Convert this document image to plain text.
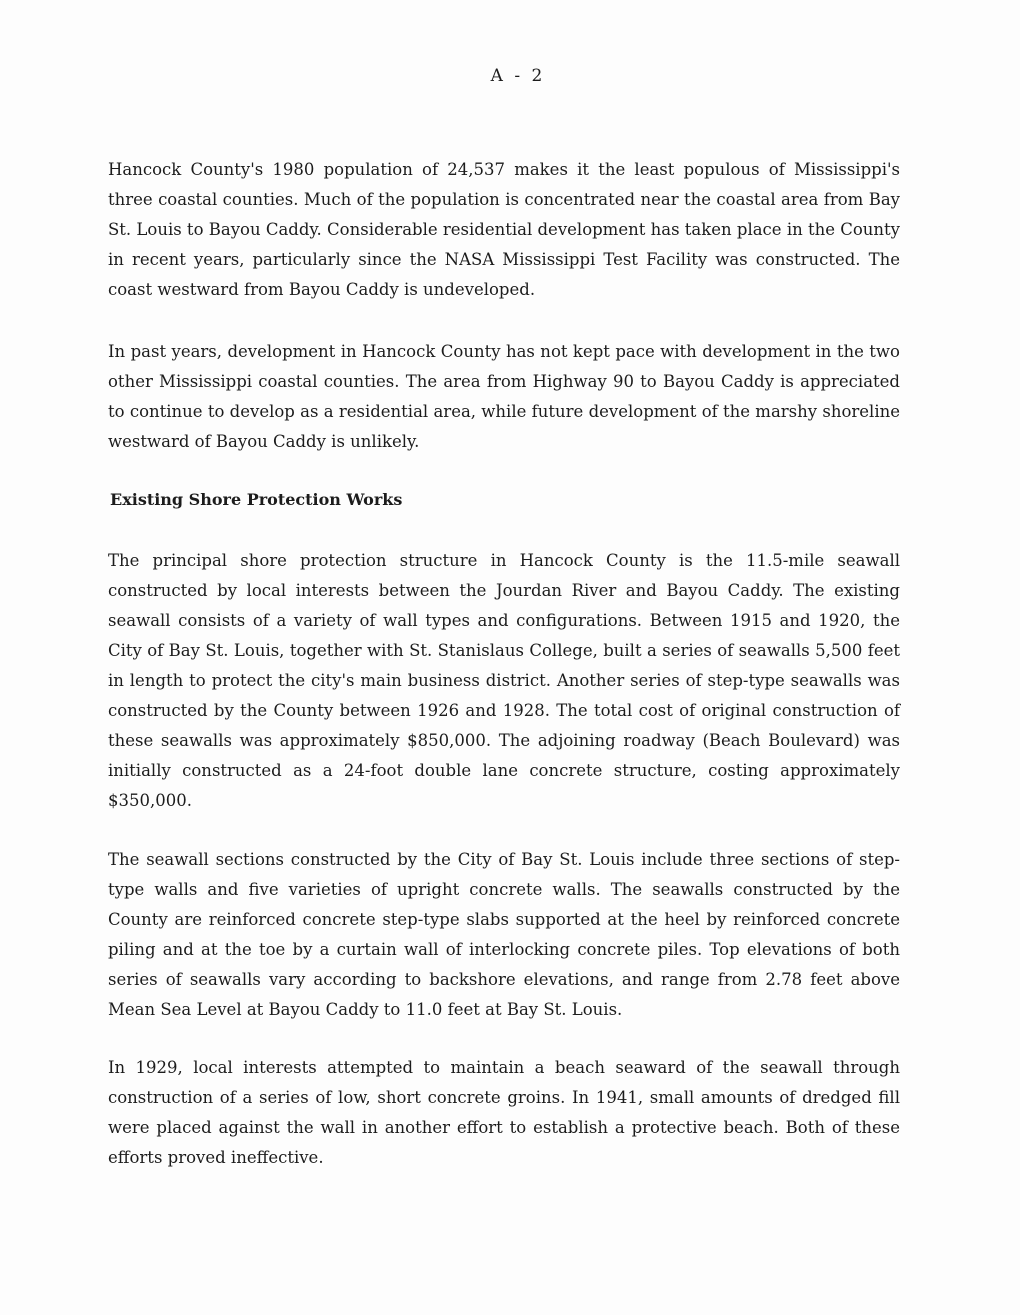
A - 2

Hancock County's 1980 population of 24,537 makes it the least populous of Mississippi's three coastal counties. Much of the population is concentrated near the coastal area from Bay St. Louis to Bayou Caddy. Considerable residential development has taken place in the County in recent years, particularly since the NASA Mississippi Test Facility was constructed. The coast westward from Bayou Caddy is undeveloped.

In past years, development in Hancock County has not kept pace with development in the two other Mississippi coastal counties. The area from Highway 90 to Bayou Caddy is appreciated to continue to develop as a residential area, while future development of the marshy shoreline westward of Bayou Caddy is unlikely.

Existing Shore Protection Works

The principal shore protection structure in Hancock County is the 11.5-mile seawall constructed by local interests between the Jourdan River and Bayou Caddy. The existing seawall consists of a variety of wall types and configurations. Between 1915 and 1920, the City of Bay St. Louis, together with St. Stanislaus College, built a series of seawalls 5,500 feet in length to protect the city's main business district. Another series of step-type seawalls was constructed by the County between 1926 and 1928. The total cost of original construction of these seawalls was approximately $850,000. The adjoining roadway (Beach Boulevard) was initially constructed as a 24-foot double lane concrete structure, costing approximately $350,000.

The seawall sections constructed by the City of Bay St. Louis include three sections of step-type walls and five varieties of upright concrete walls. The seawalls constructed by the County are reinforced concrete step-type slabs supported at the heel by reinforced concrete piling and at the toe by a curtain wall of interlocking concrete piles. Top elevations of both series of seawalls vary according to backshore elevations, and range from 2.78 feet above Mean Sea Level at Bayou Caddy to 11.0 feet at Bay St. Louis.

In 1929, local interests attempted to maintain a beach seaward of the seawall through construction of a series of low, short concrete groins. In 1941, small amounts of dredged fill were placed against the wall in another effort to establish a protective beach. Both of these efforts proved ineffective.
